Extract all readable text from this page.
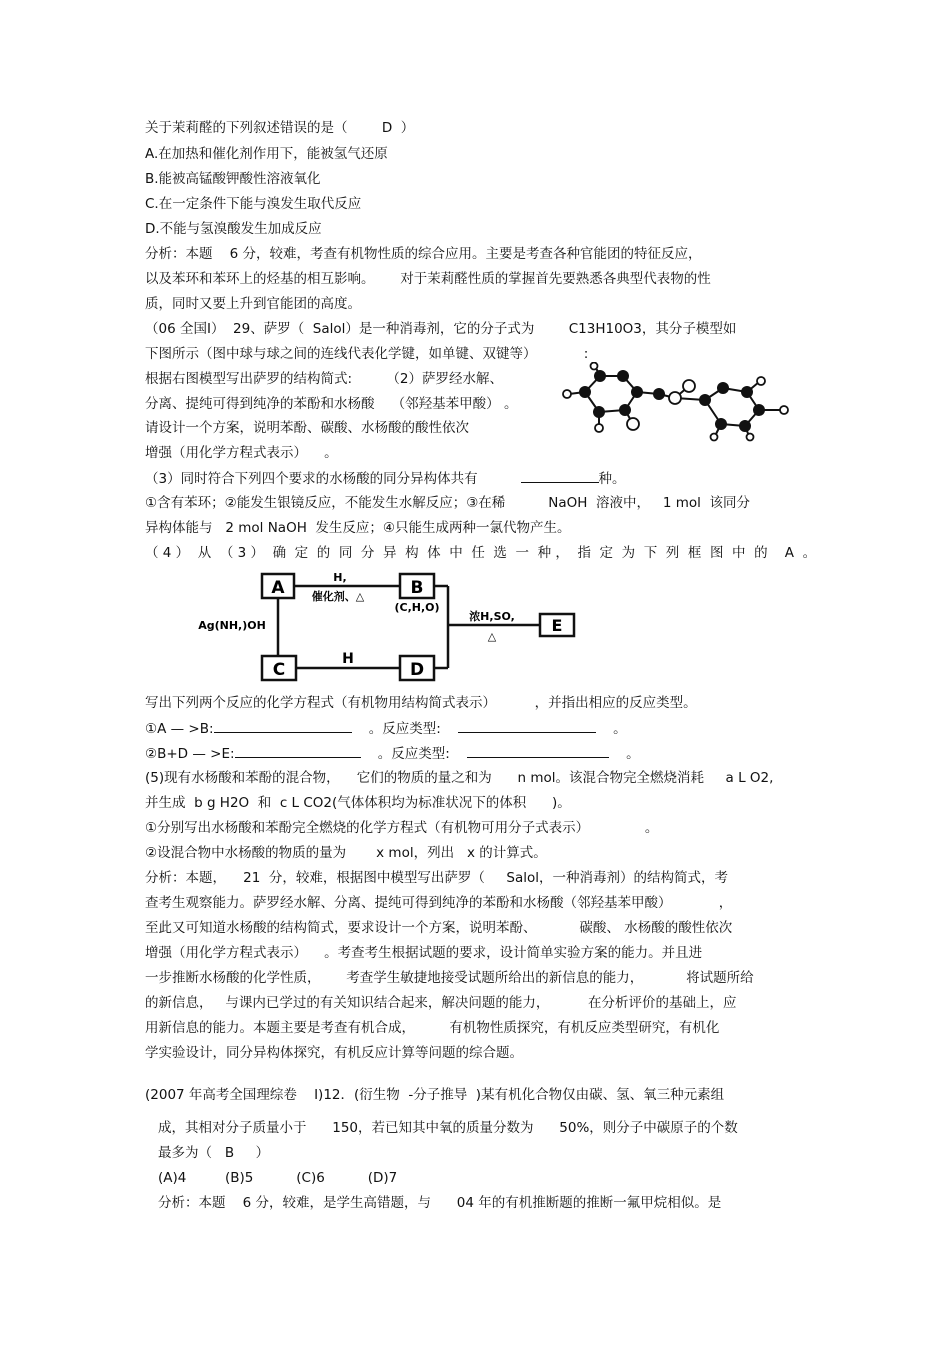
关于茉莉醛的下列叙述错误的是（        D  ）
A.在加热和催化剂作用下，能被氢气还原
B.能被高锰酸钾酸性溶液氧化
C.在一定条件下能与溴发生取代反应
D.不能与氢溴酸发生加成反应
分析：本题    6 分，较难，考查有机物性质的综合应用。主要是考查各种官能团的特征反应，
以及苯环和苯环上的烃基的相互影响。      对于茉莉醛性质的掌握首先要熟悉各典型代表物的性
质，同时又要上升到官能团的高度。
（06 全国Ⅰ）  29、萨罗（  Salol）是一种消毒剂，它的分子式为        C13H10O3，其分子模型如
下图所示（图中球与球之间的连线代表化学键，如单键、双键等）           :
根据右图模型写出萨罗的结构简式:        （2）萨罗经水解、
分离、提纯可得到纯净的苯酚和水杨酸    （邻羟基苯甲酸） 。
请设计一个方案，说明苯酚、碳酸、水杨酸的酸性依次
增强（用化学方程式表示）    。
（3）同时符合下列四个要求的水杨酸的同分异构体共有	种。
①含有苯环；②能发生银镜反应，不能发生水解反应；③在稀          NaOH  溶液中，   1 mol  该同分
异构体能与   2 mol NaOH  发生反应；④只能生成两种一氯代物产生。
（ 4 ）  从  （ 3 ）  确  定  的  同  分  异  构  体  中  任  选  一  种 ，  指  定  为  下  列  框  图  中  的    A  。
A	B
(C,H,O)
C	D
E
H,
催化剂、△
浓H,SO,
△
Ag(NH,)OH
H
写出下列两个反应的化学方程式（有机物用结构简式表示）         ，并指出相应的反应类型。
①A — >B:	。反应类型:	。
②B+D — >E:	。反应类型:	。
(5)现有水杨酸和苯酚的混合物，    它们的物质的量之和为      n mol。该混合物完全燃烧消耗     a L O2,
并生成  b g H2O  和  c L CO2(气体体积均为标准状况下的体积      )。
①分别写出水杨酸和苯酚完全燃烧的化学方程式（有机物可用分子式表示）             。
②设混合物中水杨酸的物质的量为       x mol，列出   x 的计算式。
分析：本题，    21  分，较难，根据图中模型写出萨罗（     Salol，一种消毒剂）的结构简式，考
查考生观察能力。萨罗经水解、分离、提纯可得到纯净的苯酚和水杨酸（邻羟基苯甲酸）           ，
至此又可知道水杨酸的结构简式，要求设计一个方案，说明苯酚、          碳酸、 水杨酸的酸性依次
增强（用化学方程式表示）    。考查考生根据试题的要求，设计简单实验方案的能力。并且进
一步推断水杨酸的化学性质，      考查学生敏捷地接受试题所给出的新信息的能力，          将试题所给
的新信息，   与课内已学过的有关知识结合起来，解决问题的能力，         在分析评价的基础上，应
用新信息的能力。本题主要是考查有机合成，        有机物性质探究，有机反应类型研究，有机化
学实验设计，同分异构体探究，有机反应计算等问题的综合题。
(2007 年高考全国理综卷    I)12．(衍生物  -分子推导  )某有机化合物仅由碳、氢、氧三种元素组
成，其相对分子质量小于      150，若已知其中氧的质量分数为      50%，则分子中碳原子的个数
最多为（   B     ）
(A)4         (B)5          (C)6          (D)7
分析：本题    6 分，较难，是学生高错题，与      04 年的有机推断题的推断一氟甲烷相似。是
